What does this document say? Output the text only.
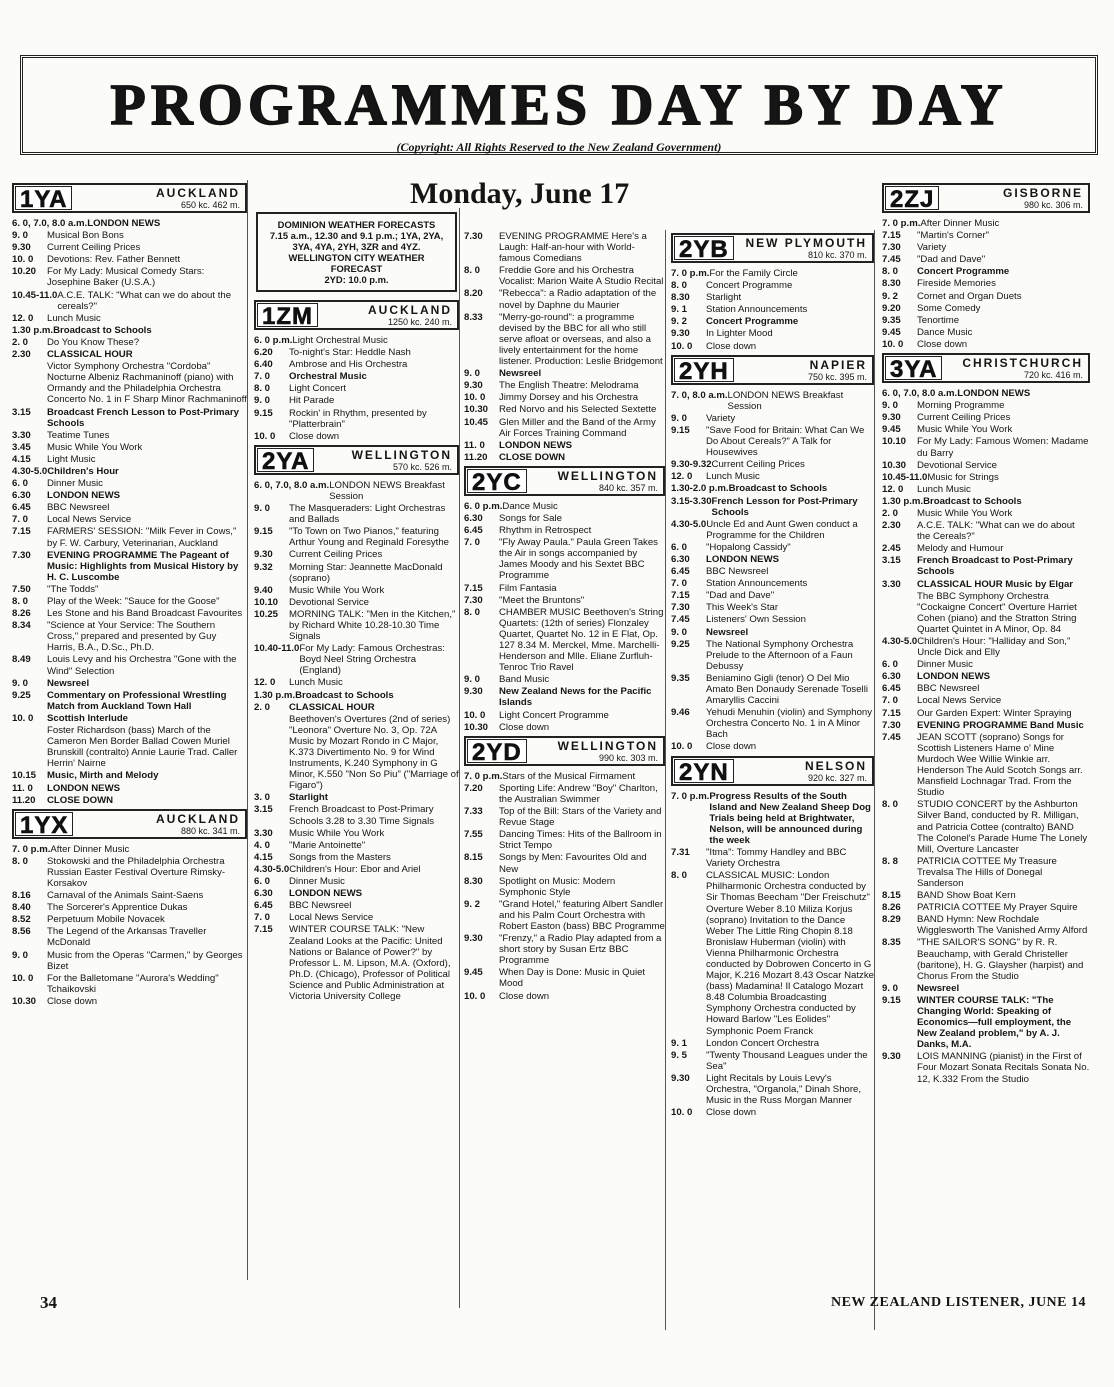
PROGRAMMES DAY BY DAY
(Copyright: All Rights Reserved to the New Zealand Government)
Monday, June 17
1YA	AUCKLAND
650 kc. 462 m.
6. 0, 7.0, 8.0 a.m. LONDON NEWS
9. 0	Musical Bon Bons
9.30	Current Ceiling Prices
10. 0	Devotions: Rev. Father Bennett
10.20	For My Lady: Musical Comedy Stars: Josephine Baker (U.S.A.)
10.45-11.0 A.C.E. TALK: "What can we do about the cereals?"
12. 0	Lunch Music
1.30 p.m. Broadcast to Schools
2. 0	Do You Know These?
2.30	CLASSICAL HOUR
Victor Symphony Orchestra "Cordoba" Nocturne Albeniz Rachmaninoff (piano) with Ormandy and the Philadelphia Orchestra Concerto No. 1 in F Sharp Minor Rachmaninoff
3.15	Broadcast French Lesson to Post-Primary Schools
3.30	Teatime Tunes
3.45	Music While You Work
4.15	Light Music
4.30-5.0 Children's Hour
6. 0	Dinner Music
6.30	LONDON NEWS
6.45	BBC Newsreel
7. 0	Local News Service
7.15	FARMERS' SESSION: "Milk Fever in Cows," by F. W. Carbury, Veterinarian, Auckland
7.30	EVENING PROGRAMME The Pageant of Music: Highlights from Musical History by H. C. Luscombe
7.50	"The Todds"
8. 0	Play of the Week: "Sauce for the Goose"
8.26	Les Stone and his Band Broadcast Favourites
8.34	"Science at Your Service: The Southern Cross," prepared and presented by Guy Harris, B.A., D.Sc., Ph.D.
8.49	Louis Levy and his Orchestra "Gone with the Wind" Selection
9. 0	Newsreel
9.25	Commentary on Professional Wrestling Match from Auckland Town Hall
10. 0	Scottish Interlude
Foster Richardson (bass) March of the Cameron Men Border Ballad Cowen Muriel Brunskill (contralto) Annie Laurie Trad. Caller Herrin' Nairne
10.15	Music, Mirth and Melody
11. 0	LONDON NEWS
11.20	CLOSE DOWN
1YX	AUCKLAND
880 kc. 341 m.
7. 0 p.m. After Dinner Music
8. 0	Stokowski and the Philadelphia Orchestra Russian Easter Festival Overture Rimsky-Korsakov
8.16	Carnaval of the Animals Saint-Saens
8.40	The Sorcerer's Apprentice Dukas
8.52	Perpetuum Mobile Novacek
8.56	The Legend of the Arkansas Traveller McDonald
9. 0	Music from the Operas "Carmen," by Georges Bizet
10. 0	For the Balletomane "Aurora's Wedding" Tchaikovski
10.30	Close down
DOMINION WEATHER FORECASTS
7.15 a.m., 12.30 and 9.1 p.m.; 1YA, 2YA, 3YA, 4YA, 2YH, 3ZR and 4YZ.
WELLINGTON CITY WEATHER FORECAST
2YD: 10.0 p.m.
1ZM	AUCKLAND
1250 kc. 240 m.
6. 0 p.m. Light Orchestral Music
6.20	To-night's Star: Heddle Nash
6.40	Ambrose and His Orchestra
7. 0	Orchestral Music
8. 0	Light Concert
9. 0	Hit Parade
9.15	Rockin' in Rhythm, presented by "Platterbrain"
10. 0	Close down
2YA	WELLINGTON
570 kc. 526 m.
6. 0, 7.0, 8.0 a.m. LONDON NEWS Breakfast Session
9. 0	The Masqueraders: Light Orchestras and Ballads
9.15	"To Town on Two Pianos," featuring Arthur Young and Reginald Foresythe
9.30	Current Ceiling Prices
9.32	Morning Star: Jeannette MacDonald (soprano)
9.40	Music While You Work
10.10	Devotional Service
10.25	MORNING TALK: "Men in the Kitchen," by Richard White 10.28-10.30 Time Signals
10.40-11.0 For My Lady: Famous Orchestras: Boyd Neel String Orchestra (England)
12. 0	Lunch Music
1.30 p.m. Broadcast to Schools
2. 0	CLASSICAL HOUR
Beethoven's Overtures (2nd of series) "Leonora" Overture No. 3, Op. 72A Music by Mozart Rondo in C Major, K.373 Divertimento No. 9 for Wind Instruments, K.240 Symphony in G Minor, K.550 "Non So Piu" ("Marriage of Figaro")
3. 0	Starlight
3.15	French Broadcast to Post-Primary Schools 3.28 to 3.30 Time Signals
3.30	Music While You Work
4. 0	"Marie Antoinette"
4.15	Songs from the Masters
4.30-5.0 Children's Hour: Ebor and Ariel
6. 0	Dinner Music
6.30	LONDON NEWS
6.45	BBC Newsreel
7. 0	Local News Service
7.15	WINTER COURSE TALK: "New Zealand Looks at the Pacific: United Nations or Balance of Power?" by Professor L. M. Lipson, M.A. (Oxford), Ph.D. (Chicago), Professor of Political Science and Public Administration at Victoria University College
7.30	EVENING PROGRAMME Here's a Laugh: Half-an-hour with World-famous Comedians
8. 0	Freddie Gore and his Orchestra Vocalist: Marion Waite A Studio Recital
8.20	"Rebecca": a Radio adaptation of the novel by Daphne du Maurier
8.33	"Merry-go-round": a programme devised by the BBC for all who still serve afloat or overseas, and also a lively entertainment for the home listener. Production: Leslie Bridgemont
9. 0	Newsreel
9.30	The English Theatre: Melodrama
10. 0	Jimmy Dorsey and his Orchestra
10.30	Red Norvo and his Selected Sextette
10.45	Glen Miller and the Band of the Army Air Forces Training Command
11. 0	LONDON NEWS
11.20	CLOSE DOWN
2YC	WELLINGTON
840 kc. 357 m.
6. 0 p.m. Dance Music
6.30	Songs for Sale
6.45	Rhythm in Retrospect
7. 0	"Fly Away Paula." Paula Green Takes the Air in songs accompanied by James Moody and his Sextet BBC Programme
7.15	Film Fantasia
7.30	"Meet the Bruntons"
8. 0	CHAMBER MUSIC Beethoven's String Quartets: (12th of series) Flonzaley Quartet, Quartet No. 12 in E Flat, Op. 127 8.34 M. Merckel, Mme. Marchelli-Henderson and Mlle. Eliane Zurfluh-Tenroc Trio Ravel
9. 0	Band Music
9.30	New Zealand News for the Pacific Islands
10. 0	Light Concert Programme
10.30	Close down
2YD	WELLINGTON
990 kc. 303 m.
7. 0 p.m. Stars of the Musical Firmament
7.20	Sporting Life: Andrew "Boy" Charlton, the Australian Swimmer
7.33	Top of the Bill: Stars of the Variety and Revue Stage
7.55	Dancing Times: Hits of the Ballroom in Strict Tempo
8.15	Songs by Men: Favourites Old and New
8.30	Spotlight on Music: Modern Symphonic Style
9. 2	"Grand Hotel," featuring Albert Sandler and his Palm Court Orchestra with Robert Easton (bass) BBC Programme
9.30	"Frenzy," a Radio Play adapted from a short story by Susan Ertz BBC Programme
9.45	When Day is Done: Music in Quiet Mood
10. 0	Close down
2YB	NEW PLYMOUTH
810 kc. 370 m.
7. 0 p.m. For the Family Circle
8. 0	Concert Programme
8.30	Starlight
9. 1	Station Announcements
9. 2	Concert Programme
9.30	In Lighter Mood
10. 0	Close down
2YH	NAPIER
750 kc. 395 m.
7. 0, 8.0 a.m. LONDON NEWS Breakfast Session
9. 0	Variety
9.15	"Save Food for Britain: What Can We Do About Cereals?" A Talk for Housewives
9.30-9.32 Current Ceiling Prices
12. 0	Lunch Music
1.30-2.0 p.m. Broadcast to Schools
3.15-3.30 French Lesson for Post-Primary Schools
4.30-5.0 Uncle Ed and Aunt Gwen conduct a Programme for the Children
6. 0	"Hopalong Cassidy"
6.30	LONDON NEWS
6.45	BBC Newsreel
7. 0	Station Announcements
7.15	"Dad and Dave"
7.30	This Week's Star
7.45	Listeners' Own Session
9. 0	Newsreel
9.25	The National Symphony Orchestra Prelude to the Afternoon of a Faun Debussy
9.35	Beniamino Gigli (tenor) O Del Mio Amato Ben Donaudy Serenade Toselli Amaryllis Caccini
9.46	Yehudi Menuhin (violin) and Symphony Orchestra Concerto No. 1 in A Minor Bach
10. 0	Close down
2YN	NELSON
920 kc. 327 m.
7. 0 p.m. Progress Results of the South Island and New Zealand Sheep Dog Trials being held at Brightwater, Nelson, will be announced during the week
7.31	"Itma": Tommy Handley and BBC Variety Orchestra
8. 0	CLASSICAL MUSIC: London Philharmonic Orchestra conducted by Sir Thomas Beecham "Der Freischutz" Overture Weber 8.10 Miliza Korjus (soprano) Invitation to the Dance Weber The Little Ring Chopin 8.18 Bronislaw Huberman (violin) with Vienna Philharmonic Orchestra conducted by Dobrowen Concerto in G Major, K.216 Mozart 8.43 Oscar Natzke (bass) Madamina! Il Catalogo Mozart 8.48 Columbia Broadcasting Symphony Orchestra conducted by Howard Barlow "Les Eolides" Symphonic Poem Franck
9. 1	London Concert Orchestra
9. 5	"Twenty Thousand Leagues under the Sea"
9.30	Light Recitals by Louis Levy's Orchestra, "Organola," Dinah Shore, Music in the Russ Morgan Manner
10. 0	Close down
2ZJ	GISBORNE
980 kc. 306 m.
7. 0 p.m. After Dinner Music
7.15	"Martin's Corner"
7.30	Variety
7.45	"Dad and Dave"
8. 0	Concert Programme
8.30	Fireside Memories
9. 2	Cornet and Organ Duets
9.20	Some Comedy
9.35	Tenortime
9.45	Dance Music
10. 0	Close down
3YA	CHRISTCHURCH
720 kc. 416 m.
6. 0, 7.0, 8.0 a.m. LONDON NEWS
9. 0	Morning Programme
9.30	Current Ceiling Prices
9.45	Music While You Work
10.10	For My Lady: Famous Women: Madame du Barry
10.30	Devotional Service
10.45-11.0 Music for Strings
12. 0	Lunch Music
1.30 p.m. Broadcast to Schools
2. 0	Music While You Work
2.30	A.C.E. TALK: "What can we do about the Cereals?"
2.45	Melody and Humour
3.15	French Broadcast to Post-Primary Schools
3.30	CLASSICAL HOUR Music by Elgar
The BBC Symphony Orchestra "Cockaigne Concert" Overture Harriet Cohen (piano) and the Stratton String Quartet Quintet in A Minor, Op. 84
4.30-5.0 Children's Hour: "Halliday and Son," Uncle Dick and Elly
6. 0	Dinner Music
6.30	LONDON NEWS
6.45	BBC Newsreel
7. 0	Local News Service
7.15	Our Garden Expert: Winter Spraying
7.30	EVENING PROGRAMME Band Music
7.45	JEAN SCOTT (soprano) Songs for Scottish Listeners Hame o' Mine Murdoch Wee Willie Winkie arr. Henderson The Auld Scotch Songs arr. Mansfield Lochnagar Trad. From the Studio
8. 0	STUDIO CONCERT by the Ashburton Silver Band, conducted by R. Milligan, and Patricia Cottee (contralto) BAND The Colonel's Parade Hume The Lonely Mill, Overture Lancaster
8. 8	PATRICIA COTTEE My Treasure Trevalsa The Hills of Donegal Sanderson
8.15	BAND Show Boat Kern
8.26	PATRICIA COTTEE My Prayer Squire
8.29	BAND Hymn: New Rochdale Wigglesworth The Vanished Army Alford
8.35	"THE SAILOR'S SONG" by R. R. Beauchamp, with Gerald Christeller (baritone), H. G. Glaysher (harpist) and Chorus From the Studio
9. 0	Newsreel
9.15	WINTER COURSE TALK: "The Changing World: Speaking of Economics—full employment, the New Zealand problem," by A. J. Danks, M.A.
9.30	LOIS MANNING (pianist) in the First of Four Mozart Sonata Recitals Sonata No. 12, K.332 From the Studio
34	NEW ZEALAND LISTENER, JUNE 14
